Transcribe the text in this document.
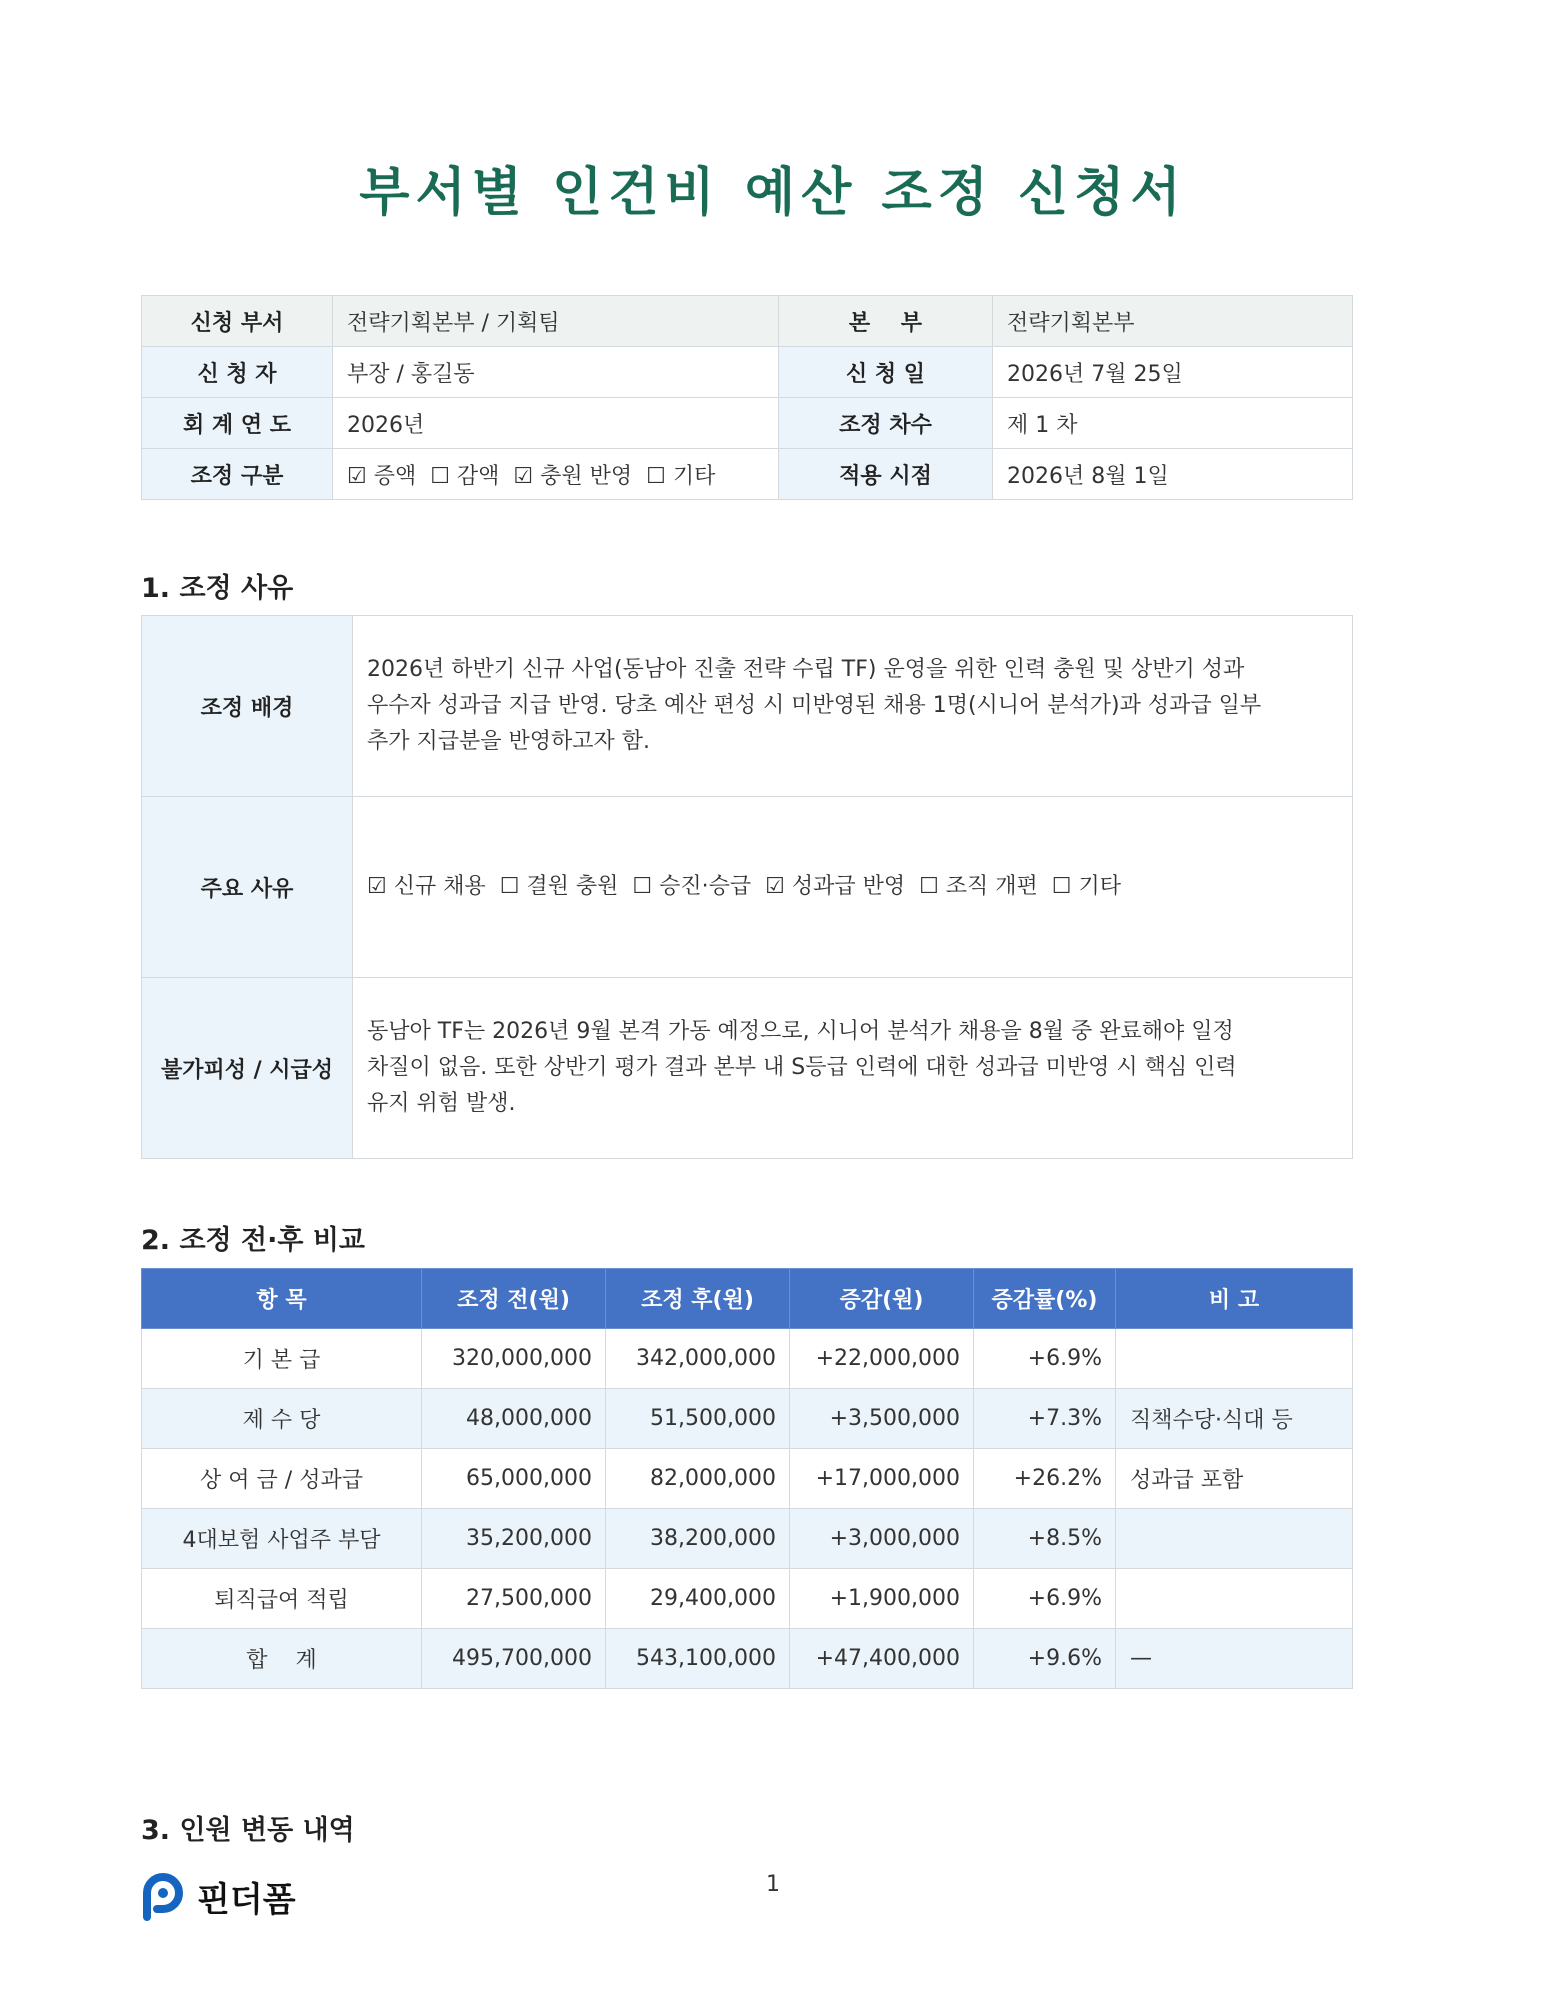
부서별 인건비 예산 조정 신청서
신청 부서	전략기획본부 / 기획팀	본    부	전략기획본부
신 청 자	부장 / 홍길동	신 청 일	2026년 7월 25일
회 계 연 도	2026년	조정 차수	제 1 차
조정 구분	☑ 증액  ☐ 감액  ☑ 충원 반영  ☐ 기타	적용 시점	2026년 8월 1일
1. 조정 사유
조정 배경	2026년 하반기 신규 사업(동남아 진출 전략 수립 TF) 운영을 위한 인력 충원 및 상반기 성과

우수자 성과급 지급 반영. 당초 예산 편성 시 미반영된 채용 1명(시니어 분석가)과 성과급 일부

추가 지급분을 반영하고자 함.

주요 사유	☑ 신규 채용  ☐ 결원 충원  ☐ 승진·승급  ☑ 성과급 반영  ☐ 조직 개편  ☐ 기타
불가피성 / 시급성	동남아 TF는 2026년 9월 본격 가동 예정으로, 시니어 분석가 채용을 8월 중 완료해야 일정

차질이 없음. 또한 상반기 평가 결과 본부 내 S등급 인력에 대한 성과급 미반영 시 핵심 인력

유지 위험 발생.

2. 조정 전·후 비교
항 목	조정 전(원)	조정 후(원)	증감(원)	증감률(%)	비 고
기 본 급	320,000,000	342,000,000	+22,000,000	+6.9%	
제 수 당	48,000,000	51,500,000	+3,500,000	+7.3%	직책수당·식대 등
상 여 금 / 성과급	65,000,000	82,000,000	+17,000,000	+26.2%	성과급 포함
4대보험 사업주 부담	35,200,000	38,200,000	+3,000,000	+8.5%	
퇴직급여 적립	27,500,000	29,400,000	+1,900,000	+6.9%	
합    계	495,700,000	543,100,000	+47,400,000	+9.6%	—
3. 인원 변동 내역
핀더폼	1
